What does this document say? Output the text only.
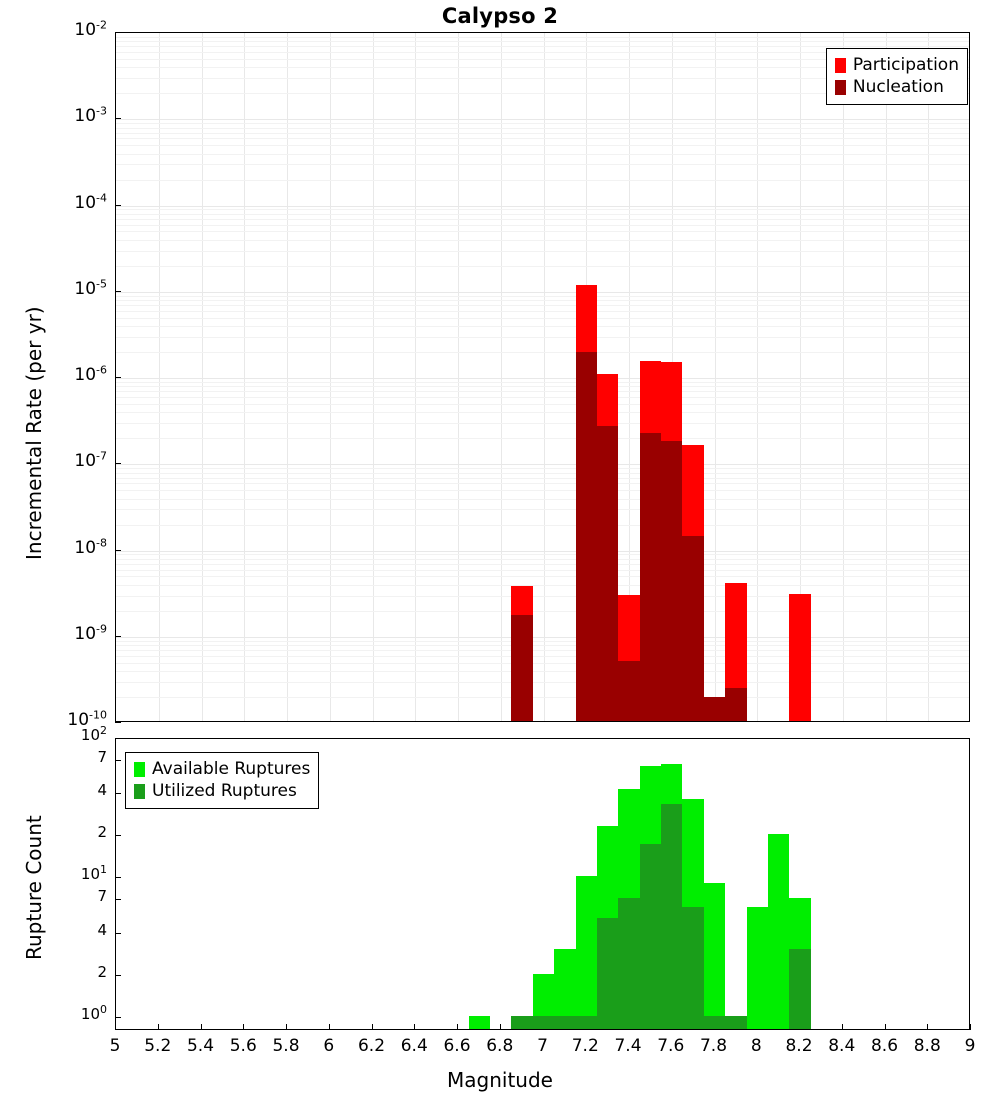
Calypso 2
Incremental Rate (per yr)
Participation
Nucleation
Rupture Count
Available Ruptures
Utilized Ruptures
Magnitude
$10^{-2}$
$10^{-3}$
$10^{-4}$
$10^{-5}$
$10^{-6}$
$10^{-7}$
$10^{-8}$
$10^{-9}$
$10^{-10}$
$10^2$
7
4
2
$10^1$
7
4
2
$10^0$
5	5.2 5.4 5.6 5.8	6	6.2 6.4 6.6 6.8	7	7.2 7.4 7.6 7.8	8	8.2 8.4 8.6 8.8	9
